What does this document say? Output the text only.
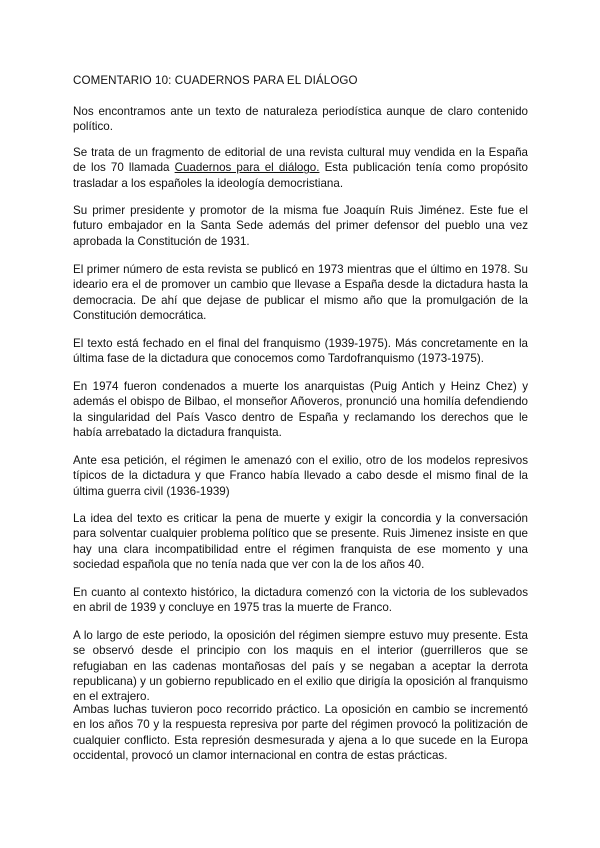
COMENTARIO 10: CUADERNOS PARA EL DIÁLOGO

Nos encontramos ante un texto de naturaleza periodística aunque de claro contenido político.

Se trata de un fragmento de editorial de una revista cultural muy vendida en la España de los 70 llamada Cuadernos para el diálogo. Esta publicación tenía como propósito trasladar a los españoles la ideología democristiana.

Su primer presidente y promotor de la misma fue Joaquín Ruis Jiménez. Este fue el futuro embajador en la Santa Sede además del primer defensor del pueblo una vez aprobada la Constitución de 1931.

El primer número de esta revista se publicó en 1973 mientras que el último en 1978. Su ideario era el de promover un cambio que llevase a España desde la dictadura hasta la democracia. De ahí que dejase de publicar el mismo año que la promulgación de la Constitución democrática.

El texto está fechado en el final del franquismo (1939-1975). Más concretamente en la última fase de la dictadura que conocemos como Tardofranquismo (1973-1975).

En 1974 fueron condenados a muerte los anarquistas (Puig Antich y Heinz Chez) y además el obispo de Bilbao, el monseñor Añoveros, pronunció una homilía defendiendo la singularidad del País Vasco dentro de España y reclamando los derechos que le había arrebatado la dictadura franquista.

Ante esa petición, el régimen le amenazó con el exilio, otro de los modelos represivos típicos de la dictadura y que Franco había llevado a cabo desde el mismo final de la última guerra civil (1936-1939)

La idea del texto es criticar la pena de muerte y exigir la concordia y la conversación para solventar cualquier problema político que se presente. Ruis Jimenez insiste en que hay una clara incompatibilidad entre el régimen franquista de ese momento y una sociedad española que no tenía nada que ver con la de los años 40.

En cuanto al contexto histórico, la dictadura comenzó con la victoria de los sublevados en abril de 1939 y concluye en 1975 tras la muerte de Franco.

A lo largo de este periodo, la oposición del régimen siempre estuvo muy presente. Esta se observó desde el principio con los maquis en el interior (guerrilleros que se refugiaban en las cadenas montañosas del país y se negaban a aceptar la derrota republicana) y un gobierno republicado en el exilio que dirigía la oposición al franquismo en el extrajero.

Ambas luchas tuvieron poco recorrido práctico. La oposición en cambio se incrementó en los años 70 y la respuesta represiva por parte del régimen provocó la politización de cualquier conflicto. Esta represión desmesurada y ajena a lo que sucede en la Europa occidental, provocó un clamor internacional en contra de estas prácticas.
